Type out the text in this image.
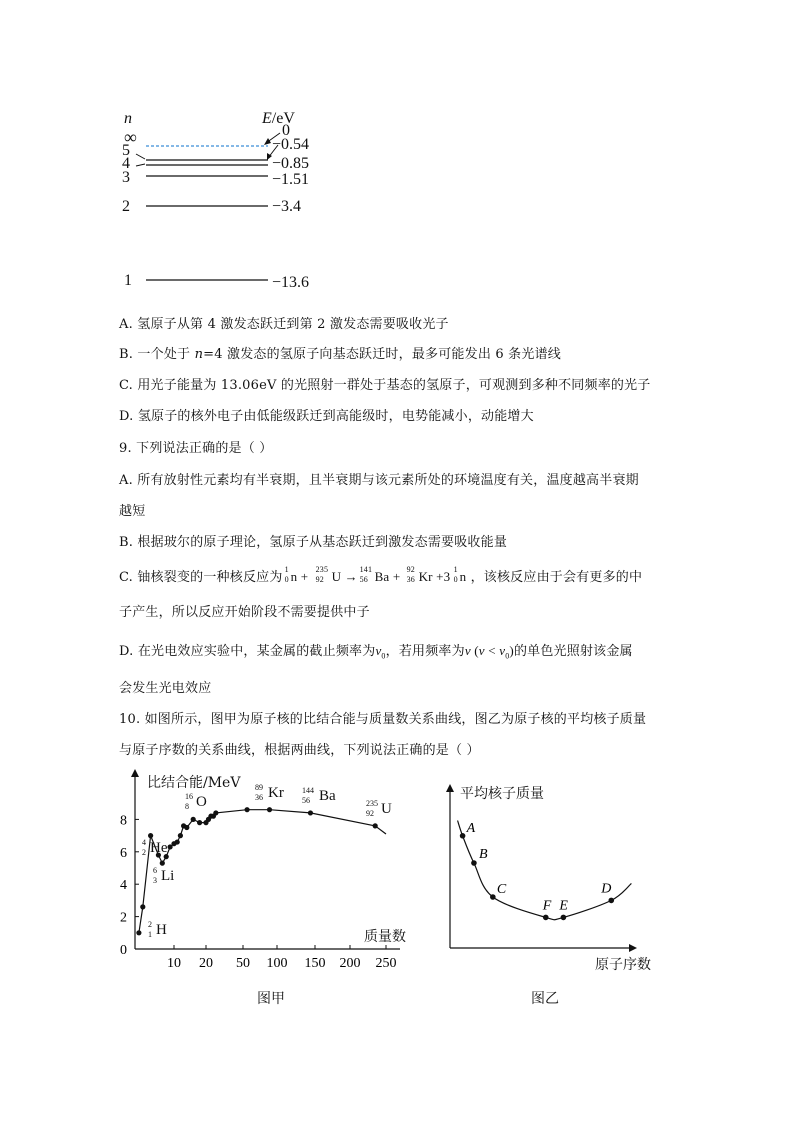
n	E/eV
∞
5
4
3
2
1
0
−0.54
−0.85
−1.51
−3.4
−13.6
A. 氢原子从第 4 激发态跃迁到第 2 激发态需要吸收光子
B. 一个处于 n=4 激发态的氢原子向基态跃迁时，最多可能发出 6 条光谱线
C. 用光子能量为 13.06eV 的光照射一群处于基态的氢原子，可观测到多种不同频率的光子
D. 氢原子的核外电子由低能级跃迁到高能级时，电势能减小，动能增大
9. 下列说法正确的是（ ）
A. 所有放射性元素均有半衰期，且半衰期与该元素所处的环境温度有关，温度越高半衰期
越短
B. 根据玻尔的原子理论，氢原子从基态跃迁到激发态需要吸收能量
C. 铀核裂变的一种核反应为
1
0 n + 235
92 U → 141
56 Ba + 92
36 Kr +3 1
0 n ，该核反应由于会有更多的中
子产生，所以反应开始阶段不需要提供中子
D. 在光电效应实验中，某金属的截止频率为$\nu_0$，若用频率为ν $(\nu < \nu_0)$的单色光照射该金属
会发生光电效应
10. 如图所示，图甲为原子核的比结合能与质量数关系曲线，图乙为原子核的平均核子质量
与原子序数的关系曲线，根据两曲线，下列说法正确的是（ ）
10 20 50 100 150 200 250
0
2
4
6
8
比结合能/MeV
质量数
图甲
2
1 H
4
2 He
6
3 Li
16
8 O
89
36 Kr 144
56 Ba	235
92 U
A
B
C
F E
D
平均核子质量
原子序数
图乙
